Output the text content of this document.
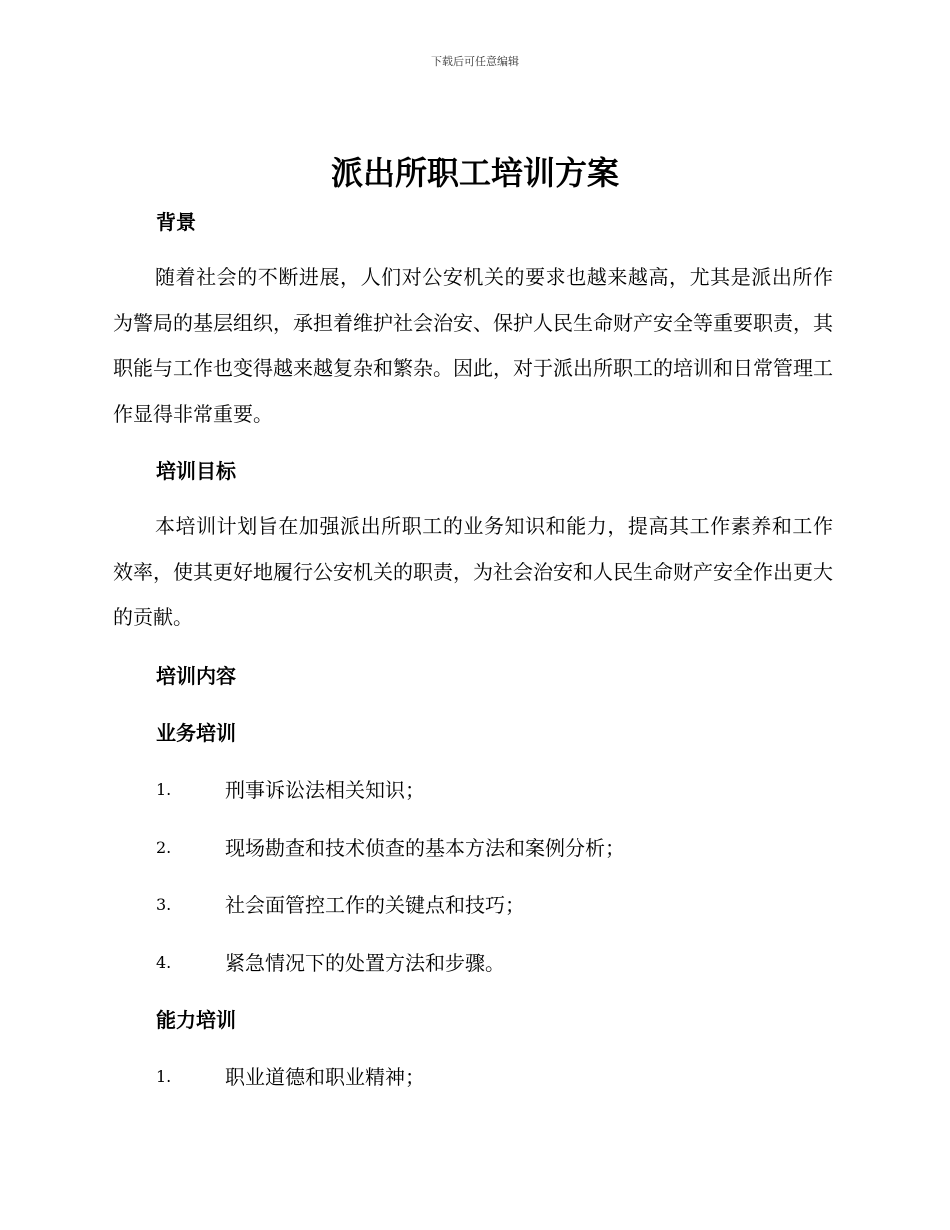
下载后可任意编辑
派出所职工培训方案
背景

随着社会的不断进展，人们对公安机关的要求也越来越高，尤其是派出所作为警局的基层组织，承担着维护社会治安、保护人民生命财产安全等重要职责，其职能与工作也变得越来越复杂和繁杂。因此，对于派出所职工的培训和日常管理工作显得非常重要。

培训目标

本培训计划旨在加强派出所职工的业务知识和能力，提高其工作素养和工作效率，使其更好地履行公安机关的职责，为社会治安和人民生命财产安全作出更大的贡献。

培训内容
业务培训
1.	刑事诉讼法相关知识；
2.	现场勘查和技术侦查的基本方法和案例分析；
3.	社会面管控工作的关键点和技巧；
4.	紧急情况下的处置方法和步骤。
能力培训
1.	职业道德和职业精神；
